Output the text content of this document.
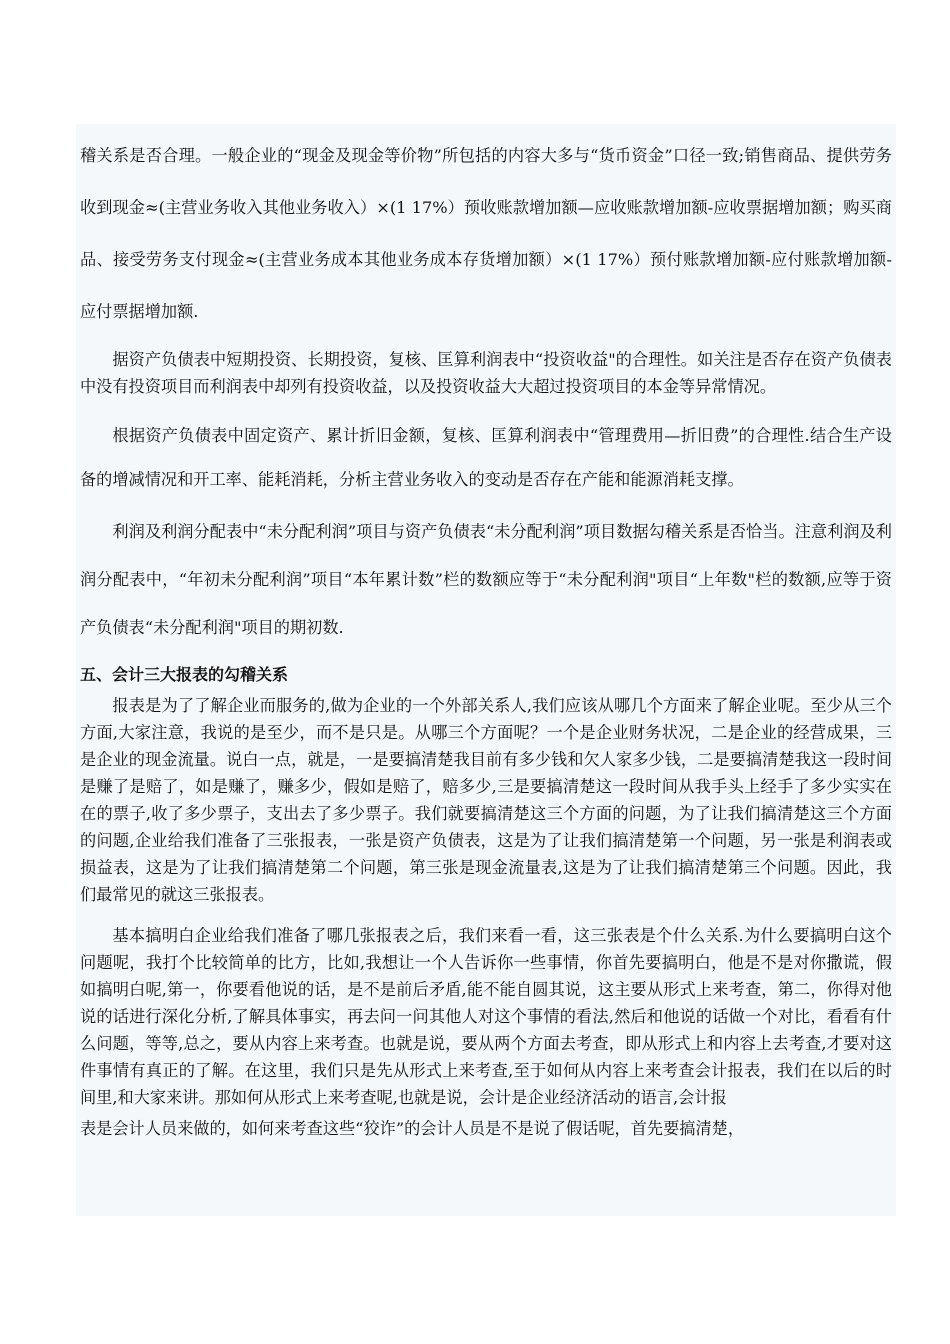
稽关系是否合理。一般企业的“现金及现金等价物”所包括的内容大多与“货币资金”口径一致;销售商品、提供劳务收到现金≈(主营业务收入其他业务收入）×(1 17%）预收账款增加额—应收账款增加额-应收票据增加额；购买商品、接受劳务支付现金≈(主营业务成本其他业务成本存货增加额）×(1 17%）预付账款增加额-应付账款增加额-应付票据增加额.

据资产负债表中短期投资、长期投资，复核、匡算利润表中“投资收益"的合理性。如关注是否存在资产负债表中没有投资项目而利润表中却列有投资收益，以及投资收益大大超过投资项目的本金等异常情况。

根据资产负债表中固定资产、累计折旧金额，复核、匡算利润表中“管理费用—折旧费”的合理性.结合生产设备的增减情况和开工率、能耗消耗，分析主营业务收入的变动是否存在产能和能源消耗支撑。

利润及利润分配表中“未分配利润”项目与资产负债表“未分配利润”项目数据勾稽关系是否恰当。注意利润及利润分配表中，“年初未分配利润”项目“本年累计数”栏的数额应等于“未分配利润"项目“上年数"栏的数额,应等于资产负债表“未分配利润"项目的期初数.

五、会计三大报表的勾稽关系

报表是为了了解企业而服务的,做为企业的一个外部关系人,我们应该从哪几个方面来了解企业呢。至少从三个方面,大家注意，我说的是至少，而不是只是。从哪三个方面呢？一个是企业财务状况，二是企业的经营成果，三是企业的现金流量。说白一点，就是，一是要搞清楚我目前有多少钱和欠人家多少钱，二是要搞清楚我这一段时间是赚了是赔了，如是赚了，赚多少，假如是赔了，赔多少,三是要搞清楚这一段时间从我手头上经手了多少实实在在的票子,收了多少票子，支出去了多少票子。我们就要搞清楚这三个方面的问题，为了让我们搞清楚这三个方面的问题,企业给我们准备了三张报表，一张是资产负债表，这是为了让我们搞清楚第一个问题，另一张是利润表或损益表，这是为了让我们搞清楚第二个问题，第三张是现金流量表,这是为了让我们搞清楚第三个问题。因此，我们最常见的就这三张报表。

基本搞明白企业给我们准备了哪几张报表之后，我们来看一看，这三张表是个什么关系.为什么要搞明白这个问题呢，我打个比较简单的比方，比如,我想让一个人告诉你一些事情，你首先要搞明白，他是不是对你撒谎，假如搞明白呢,第一，你要看他说的话，是不是前后矛盾,能不能自圆其说，这主要从形式上来考查，第二，你得对他说的话进行深化分析,了解具体事实，再去问一问其他人对这个事情的看法,然后和他说的话做一个对比，看看有什么问题，等等,总之，要从内容上来考查。也就是说，要从两个方面去考查，即从形式上和内容上去考查,才要对这件事情有真正的了解。在这里，我们只是先从形式上来考查,至于如何从内容上来考查会计报表，我们在以后的时间里,和大家来讲。那如何从形式上来考查呢,也就是说，会计是企业经济活动的语言,会计报

表是会计人员来做的，如何来考查这些“狡诈”的会计人员是不是说了假话呢，首先要搞清楚，
